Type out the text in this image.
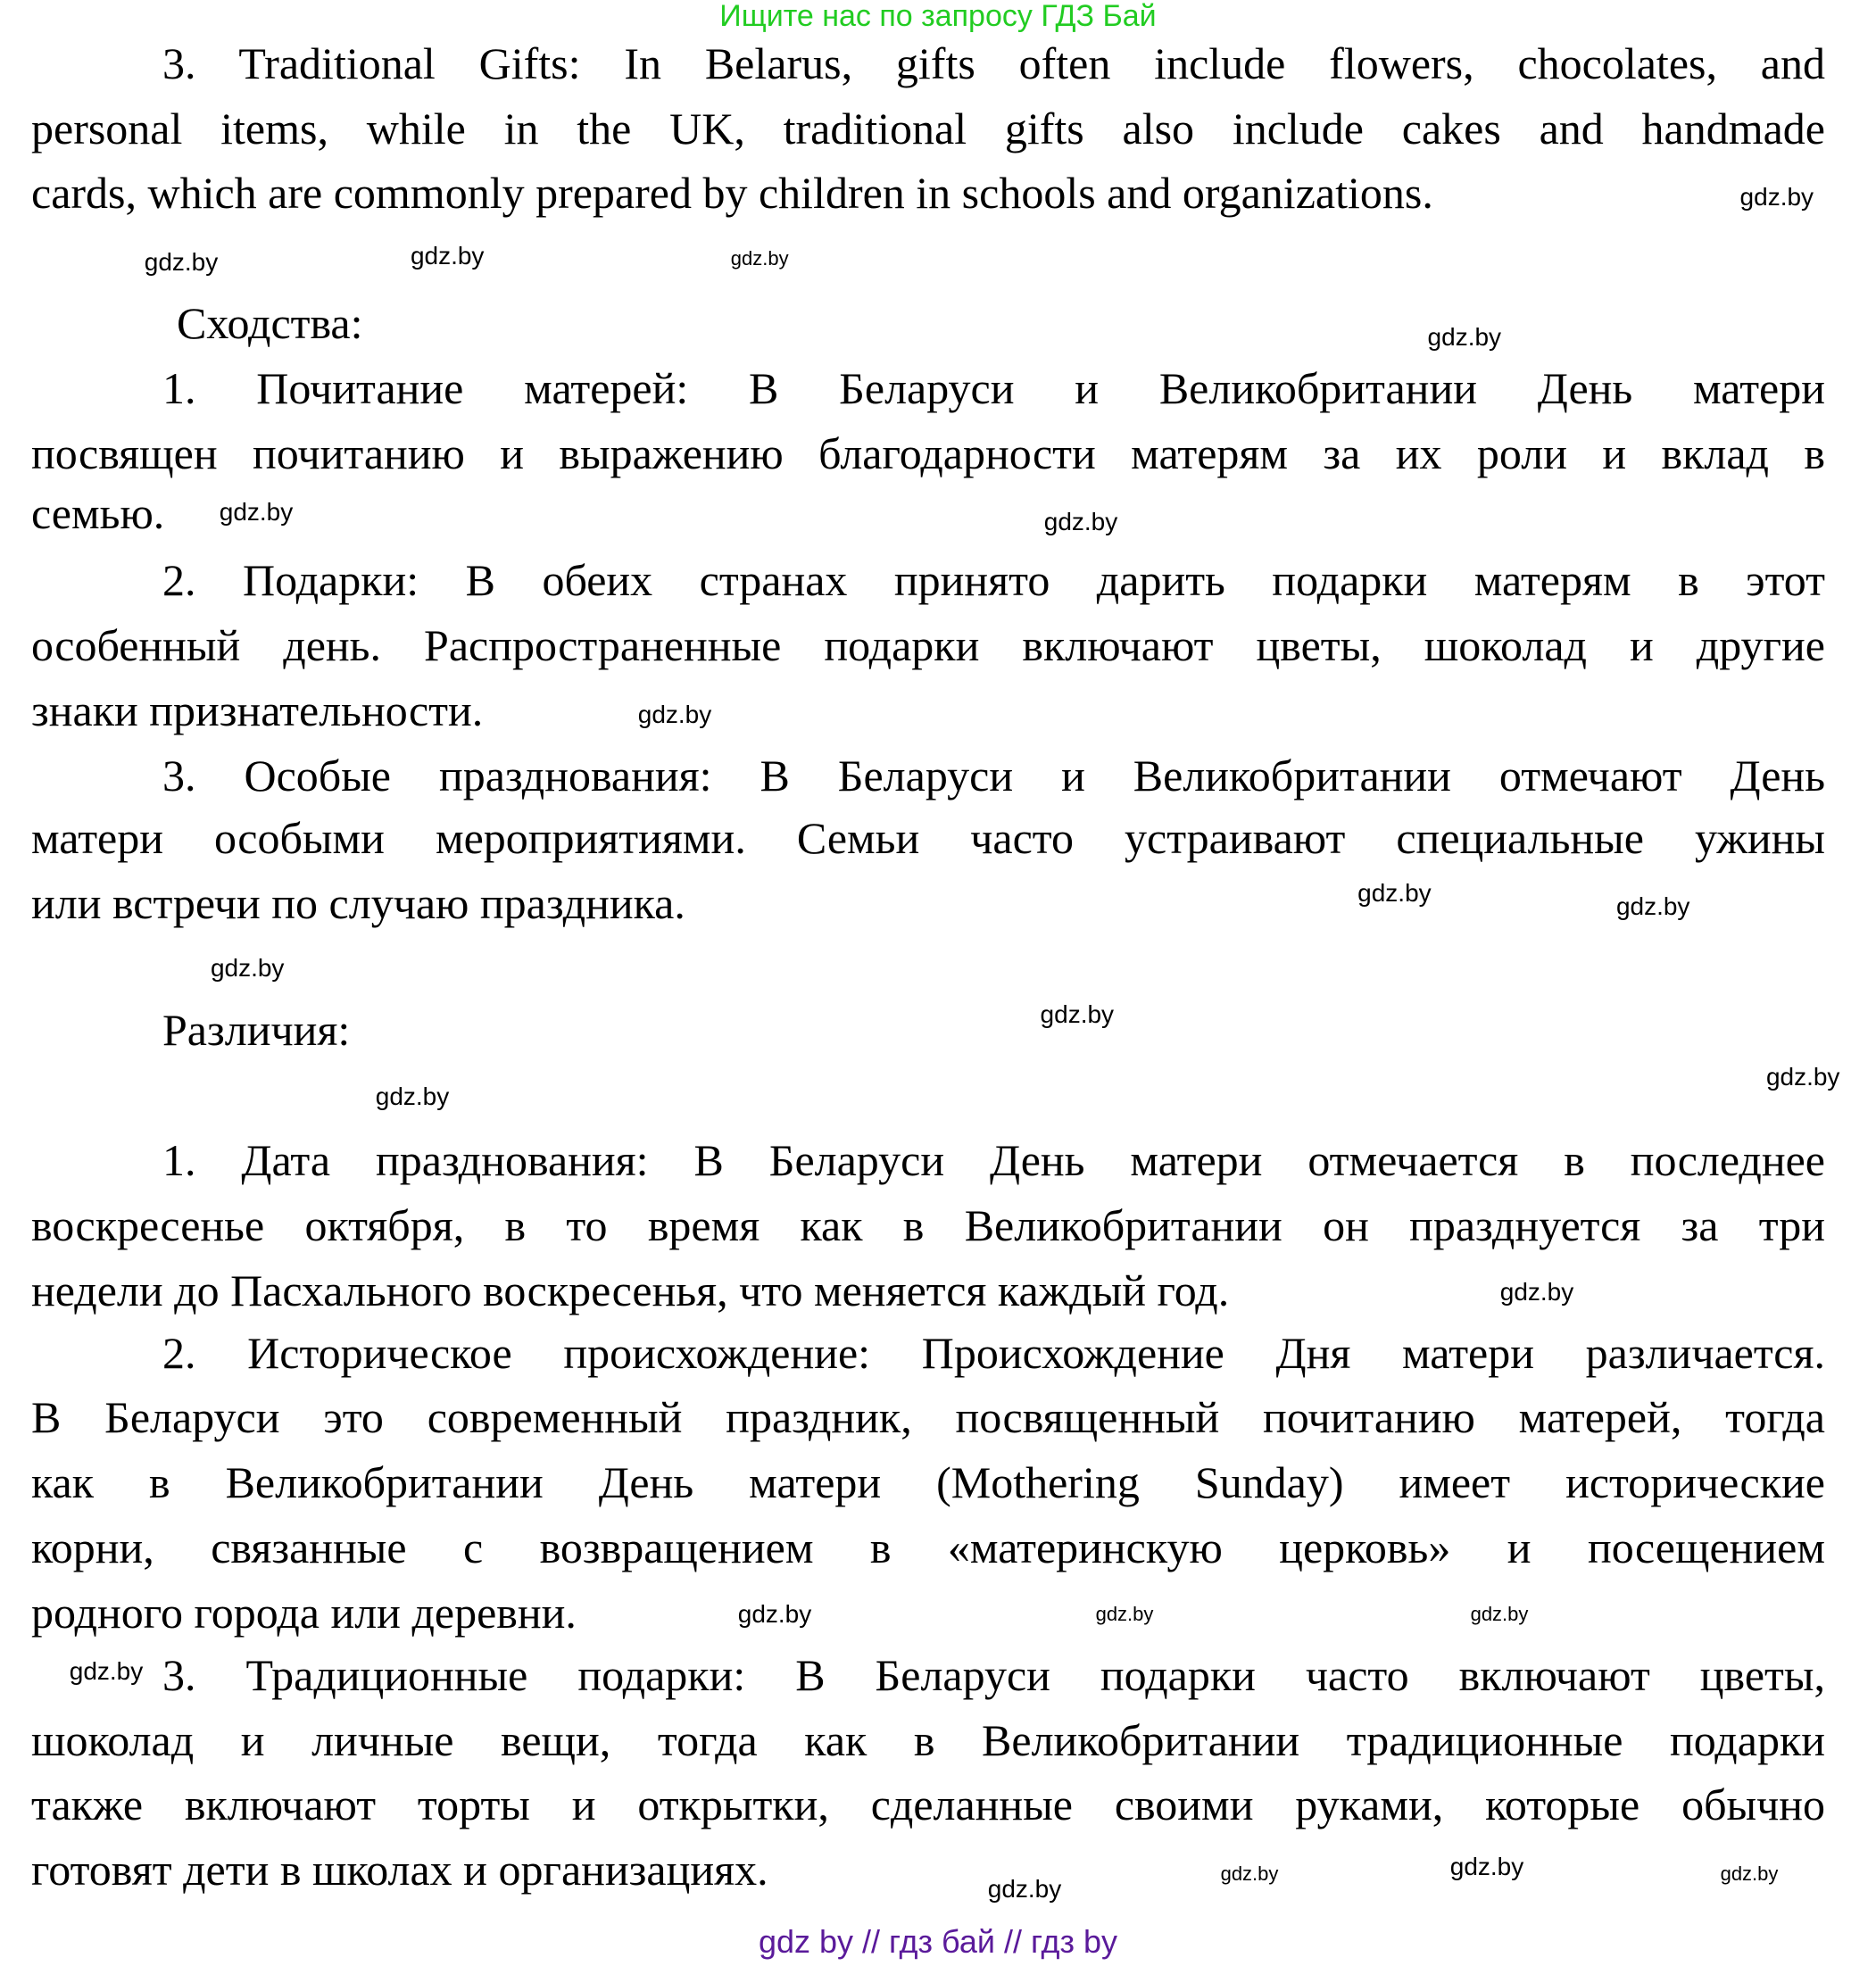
Ищите нас по запросу ГДЗ Бай
3. Traditional Gifts: In Belarus, gifts often include flowers, chocolates, and
personal items, while in the UK, traditional gifts also include cakes and handmade
cards, which are commonly prepared by children in schools and organizations.
Сходства:
1. Почитание матерей: В Беларуси и Великобритании День матери
посвящен почитанию и выражению благодарности матерям за их роли и вклад в
семью.
2. Подарки: В обеих странах принято дарить подарки матерям в этот
особенный день. Распространенные подарки включают цветы, шоколад и другие
знаки признательности.
3. Особые празднования: В Беларуси и Великобритании отмечают День
матери особыми мероприятиями. Семьи часто устраивают специальные ужины
или встречи по случаю праздника.
Различия:
1. Дата празднования: В Беларуси День матери отмечается в последнее
воскресенье октября, в то время как в Великобритании он празднуется за три
недели до Пасхального воскресенья, что меняется каждый год.
2. Историческое происхождение: Происхождение Дня матери различается.
В Беларуси это современный праздник, посвященный почитанию матерей, тогда
как в Великобритании День матери (Mothering Sunday) имеет исторические
корни, связанные с возвращением в «материнскую церковь» и посещением
родного города или деревни.
3. Традиционные подарки: В Беларуси подарки часто включают цветы,
шоколад и личные вещи, тогда как в Великобритании традиционные подарки
также включают торты и открытки, сделанные своими руками, которые обычно
готовят дети в школах и организациях.
gdz.by
gdz.by
gdz.by
gdz.by
gdz.by
gdz.by	gdz.by
gdz.by
gdz.by
gdz.by
gdz.by
gdz.by
gdz.by
gdz.by
gdz.by
gdz.by	gdz.by
gdz.by
gdz.by
gdz.by	gdz.by
gdz.by
gdz.by
gdz by // гдз бай // гдз by
